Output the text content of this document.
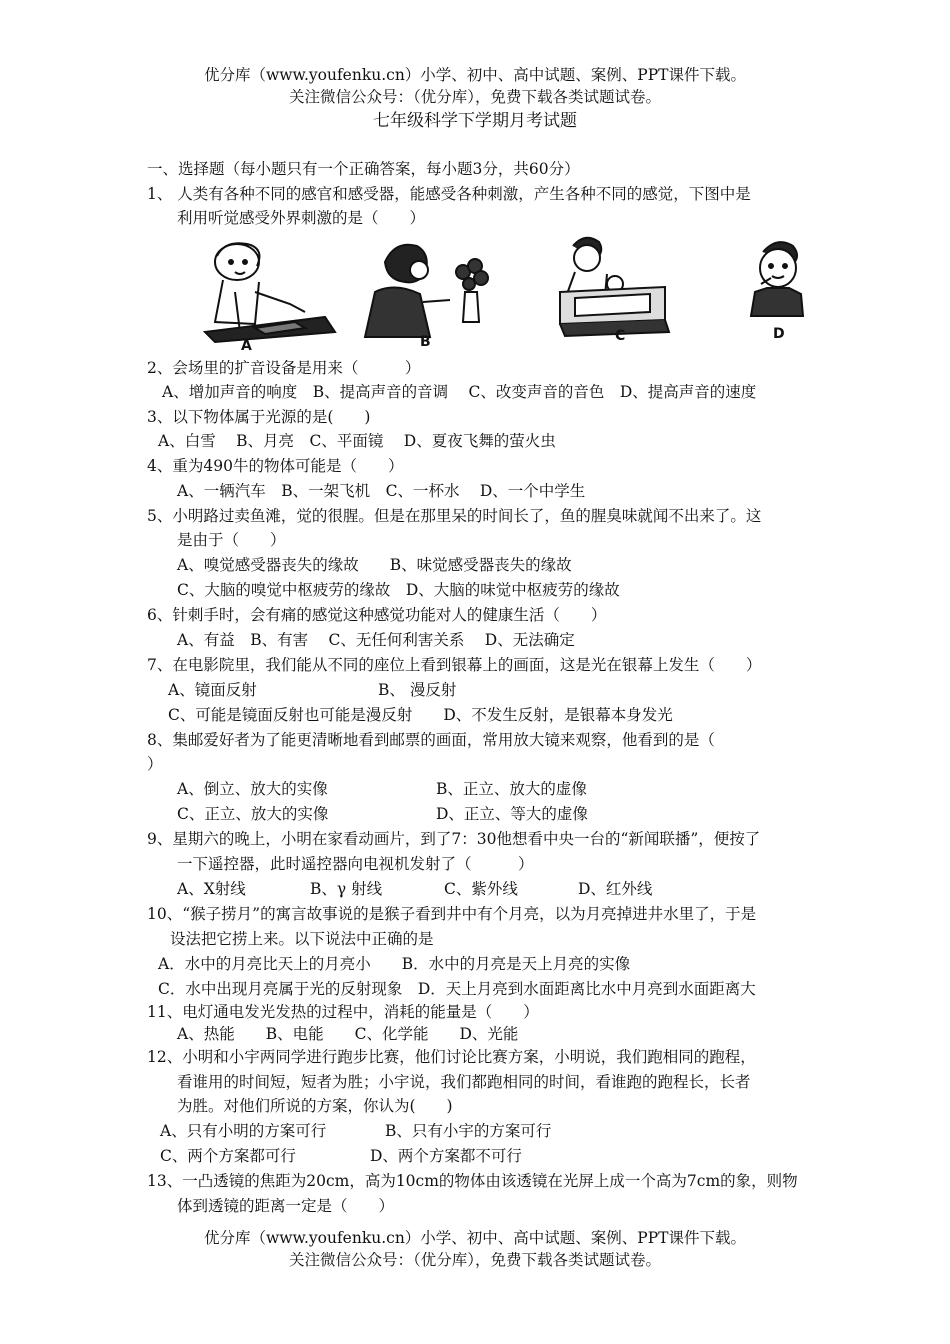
优分库（www.youfenku.cn）小学、初中、高中试题、案例、PPT课件下载。
关注微信公众号：（优分库），免费下载各类试题试卷。
七年级科学下学期月考试题
一、选择题（每小题只有一个正确答案，每小题3分，共60分）
1、 人类有各种不同的感官和感受器，能感受各种刺激，产生各种不同的感觉，下图中是
利用听觉感受外界刺激的是（　　）
A	B	C	D
2、会场里的扩音设备是用来（　　　）
A、增加声音的响度　B、提高声音的音调　 C、改变声音的音色　D、提高声音的速度
3、以下物体属于光源的是(　　)
A、白雪　 B、月亮　C、平面镜　 D、夏夜飞舞的萤火虫
4、重为490牛的物体可能是（　　）
A、一辆汽车　B、一架飞机　C、一杯水　 D、一个中学生
5、小明路过卖鱼滩，觉的很腥。但是在那里呆的时间长了，鱼的腥臭味就闻不出来了。这
是由于（　　）
A、嗅觉感受器丧失的缘故　　B、味觉感受器丧失的缘故
C、大脑的嗅觉中枢疲劳的缘故　D、大脑的味觉中枢疲劳的缘故
6、针刺手时，会有痛的感觉这种感觉功能对人的健康生活（　　）
A、有益　B、有害　 C、无任何利害关系　 D、无法确定
7、在电影院里，我们能从不同的座位上看到银幕上的画面，这是光在银幕上发生（　　）
A、镜面反射	B、 漫反射
C、可能是镜面反射也可能是漫反射　　D、不发生反射，是银幕本身发光
8、集邮爱好者为了能更清晰地看到邮票的画面，常用放大镜来观察，他看到的是（
）
A、倒立、放大的实像	B、正立、放大的虚像
C、正立、放大的实像	D、正立、等大的虚像
9、星期六的晚上，小明在家看动画片，到了7：30他想看中央一台的“新闻联播”，便按了
一下遥控器，此时遥控器向电视机发射了（　　　）
A、X射线	B、γ 射线	C、紫外线	D、红外线
10、“猴子捞月”的寓言故事说的是猴子看到井中有个月亮，以为月亮掉进井水里了，于是
设法把它捞上来。以下说法中正确的是
A．水中的月亮比天上的月亮小　　B．水中的月亮是天上月亮的实像
C．水中出现月亮属于光的反射现象　D．天上月亮到水面距离比水中月亮到水面距离大
11、电灯通电发光发热的过程中，消耗的能量是（　　）
A、热能　　B、电能　　C、化学能　　D、光能
12、小明和小宇两同学进行跑步比赛，他们讨论比赛方案，小明说，我们跑相同的跑程，
看谁用的时间短，短者为胜；小宇说，我们都跑相同的时间，看谁跑的跑程长，长者
为胜。对他们所说的方案，你认为(　　)
A、只有小明的方案可行	B、只有小宇的方案可行
C、两个方案都可行	D、两个方案都不可行
13、一凸透镜的焦距为20cm，高为10cm的物体由该透镜在光屏上成一个高为7cm的象，则物
体到透镜的距离一定是（　　）
优分库（www.youfenku.cn）小学、初中、高中试题、案例、PPT课件下载。
关注微信公众号：（优分库），免费下载各类试题试卷。
